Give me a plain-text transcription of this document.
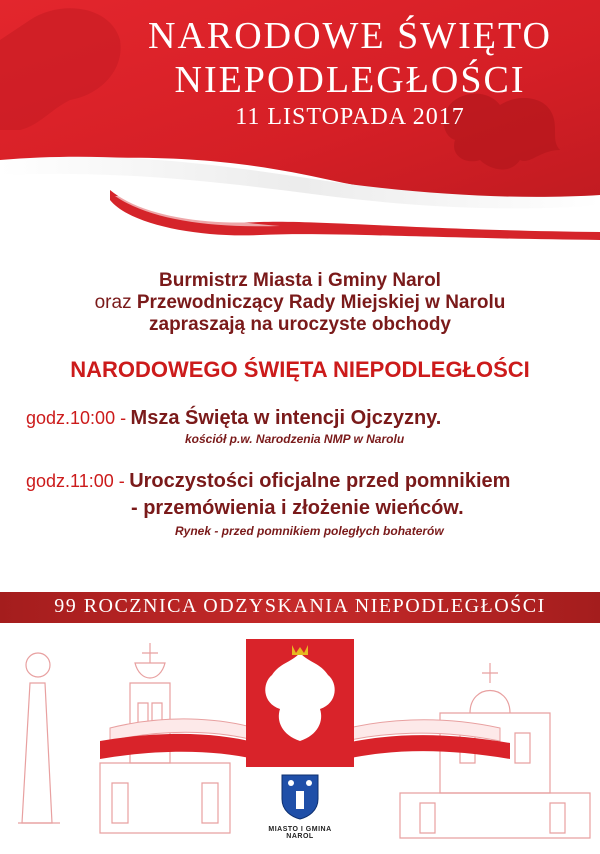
NARODOWE ŚWIĘTO
NIEPODLEGŁOŚCI
11 LISTOPADA 2017
Burmistrz Miasta i Gminy Narol
oraz Przewodniczący Rady Miejskiej w Narolu
zapraszają na uroczyste obchody
NARODOWEGO ŚWIĘTA NIEPODLEGŁOŚCI
godz.10:00 - Msza Święta w intencji Ojczyzny.
kościół p.w. Narodzenia NMP w Narolu
godz.11:00 - Uroczystości oficjalne przed pomnikiem
- przemówienia i złożenie wieńców.
Rynek - przed pomnikiem poległych bohaterów
99 ROCZNICA ODZYSKANIA NIEPODLEGŁOŚCI
MIASTO I GMINA NAROL
